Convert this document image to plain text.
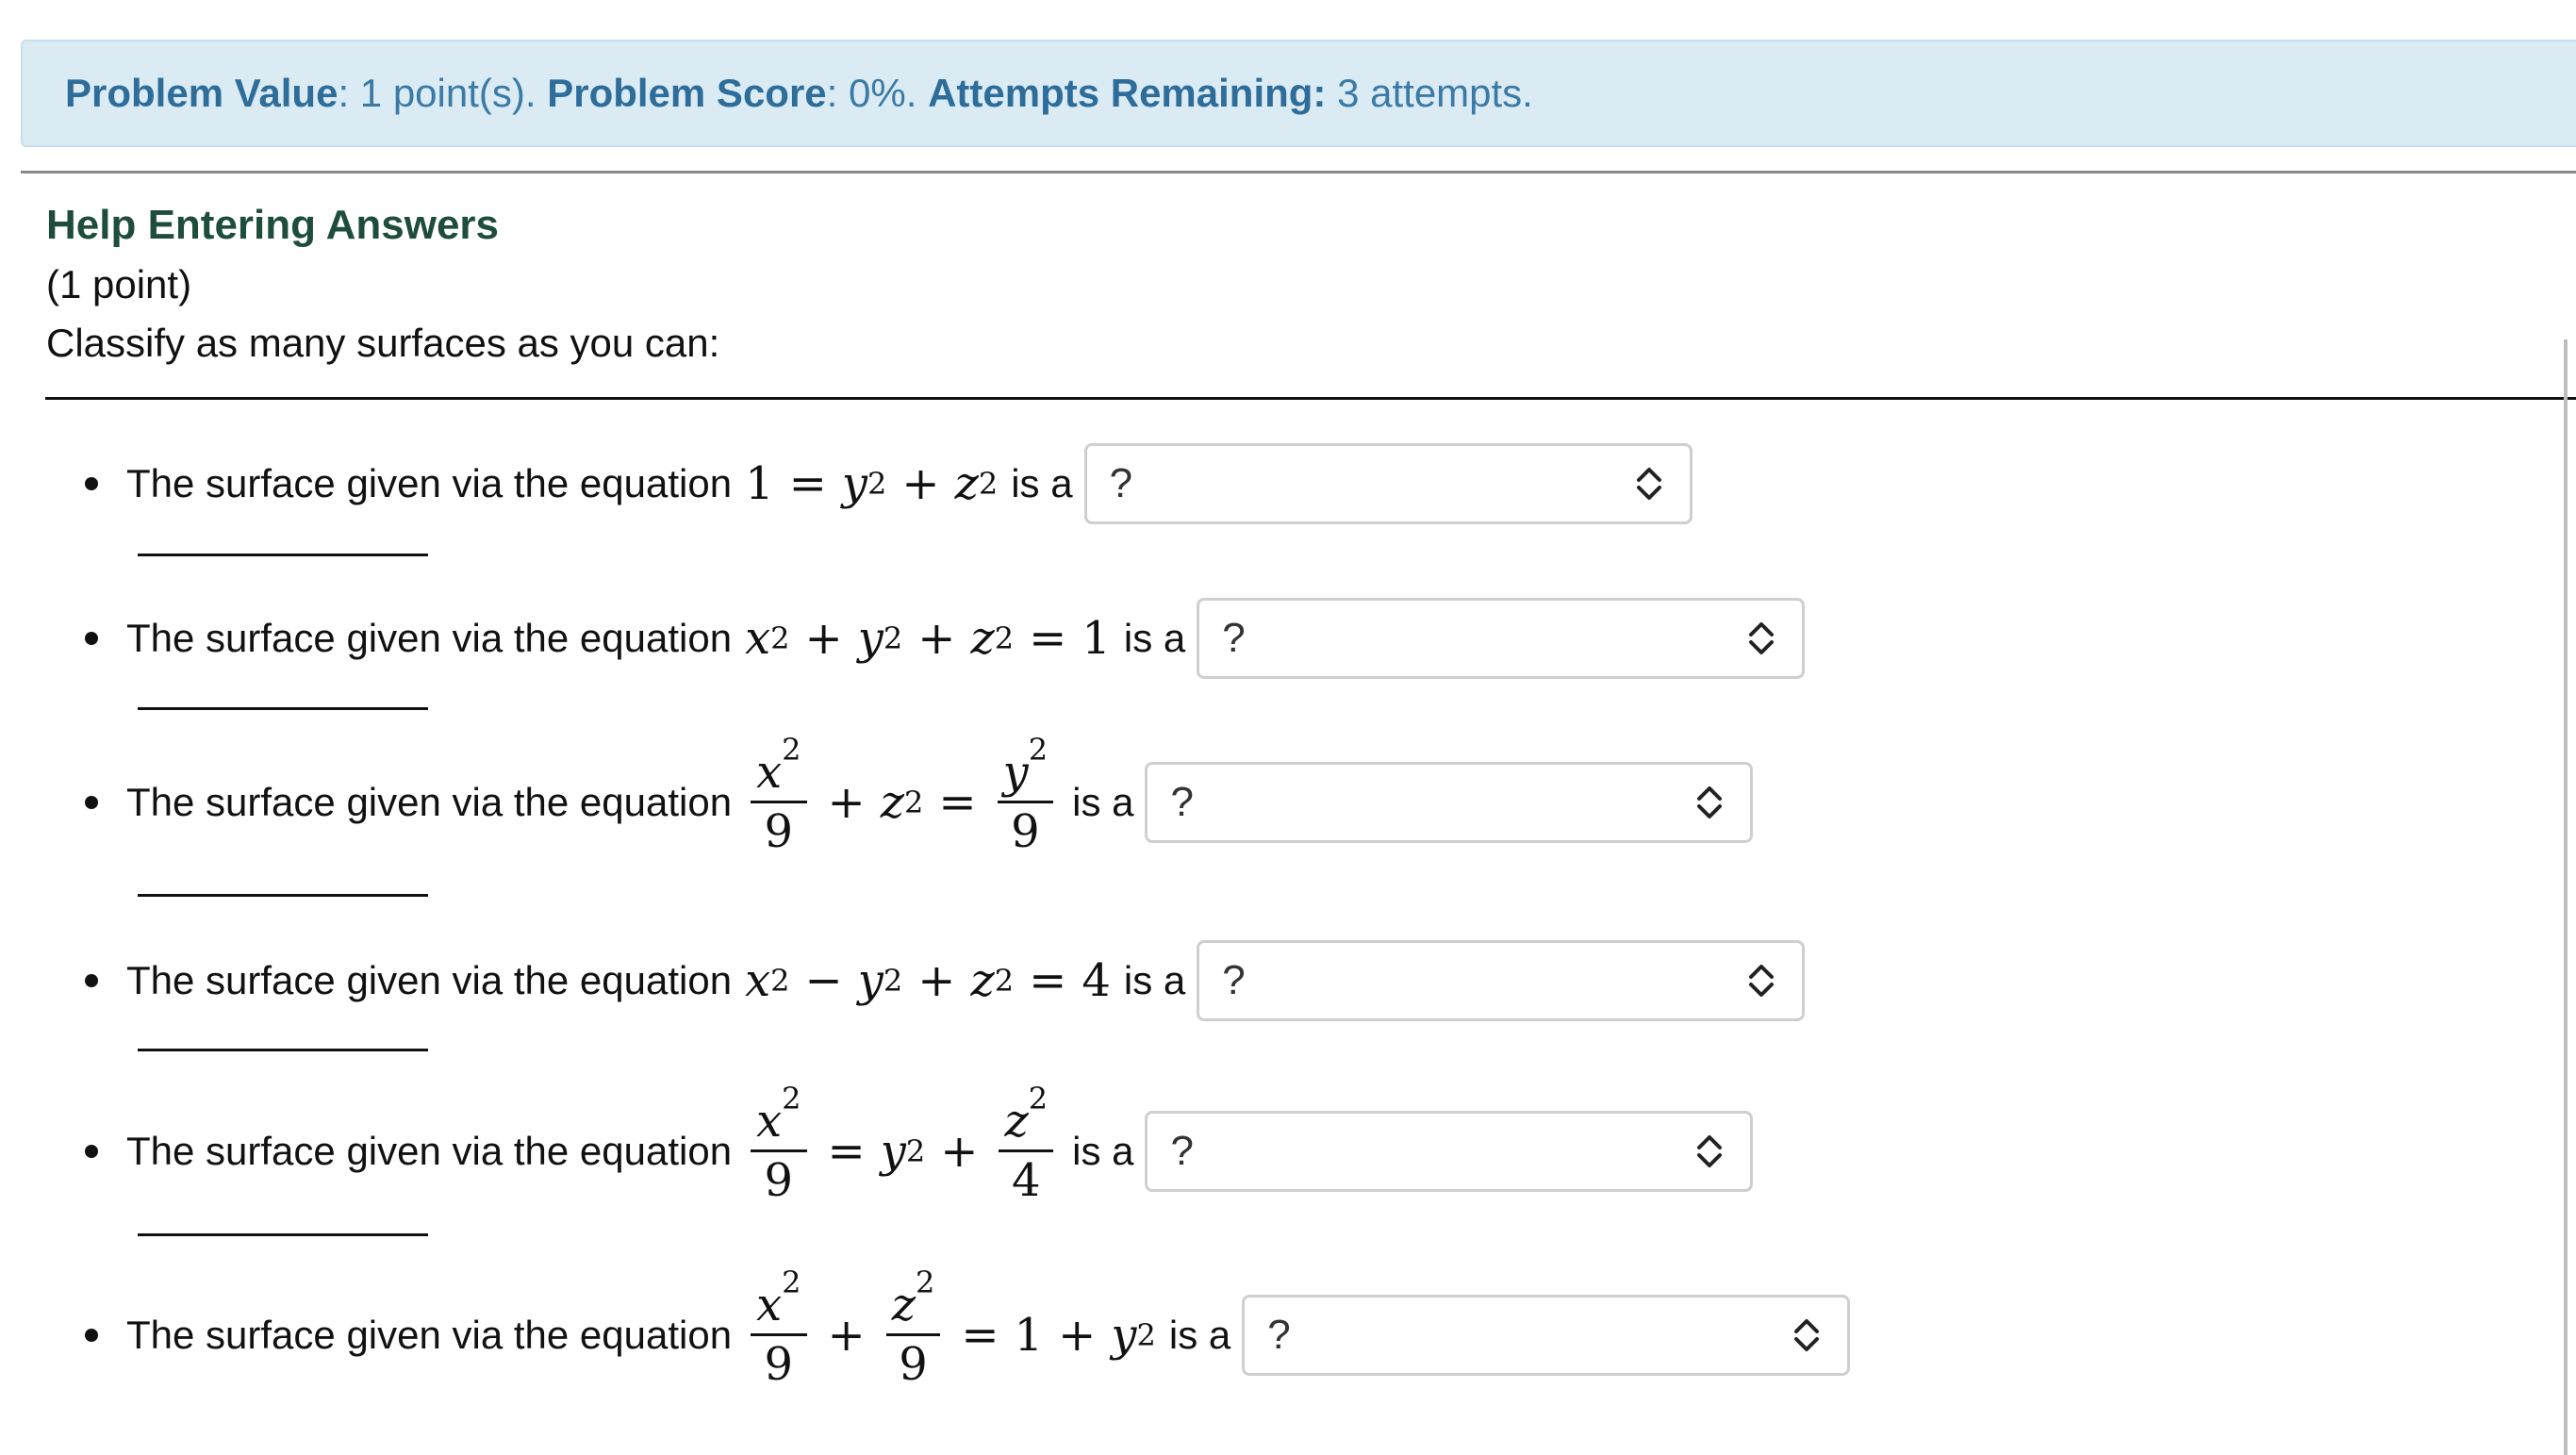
Problem Value : 1 point(s). Problem Score : 0%. Attempts Remaining: 3 attempts.
Help Entering Answers
(1 point)
Classify as many surfaces as you can:
The surface given via the equation 1 = y 2 + z 2 is a ?
The surface given via the equation x 2 + y 2 + z 2 = 1 is a ?
The surface given via the equation $\frac{x^2}{9} + z$ $2 = \frac{y^2}{9}$ is a ?
The surface given via the equation x 2 − y 2 + z 2 = 4 is a ?
The surface given via the equation $\frac{x^2}{9} = y$ $2 + \frac{z^2}{4}$ is a ?
The surface given via the equation $\frac{x^2}{9} + \frac{z^2}{9} = 1 + y$ 2 is a ?
